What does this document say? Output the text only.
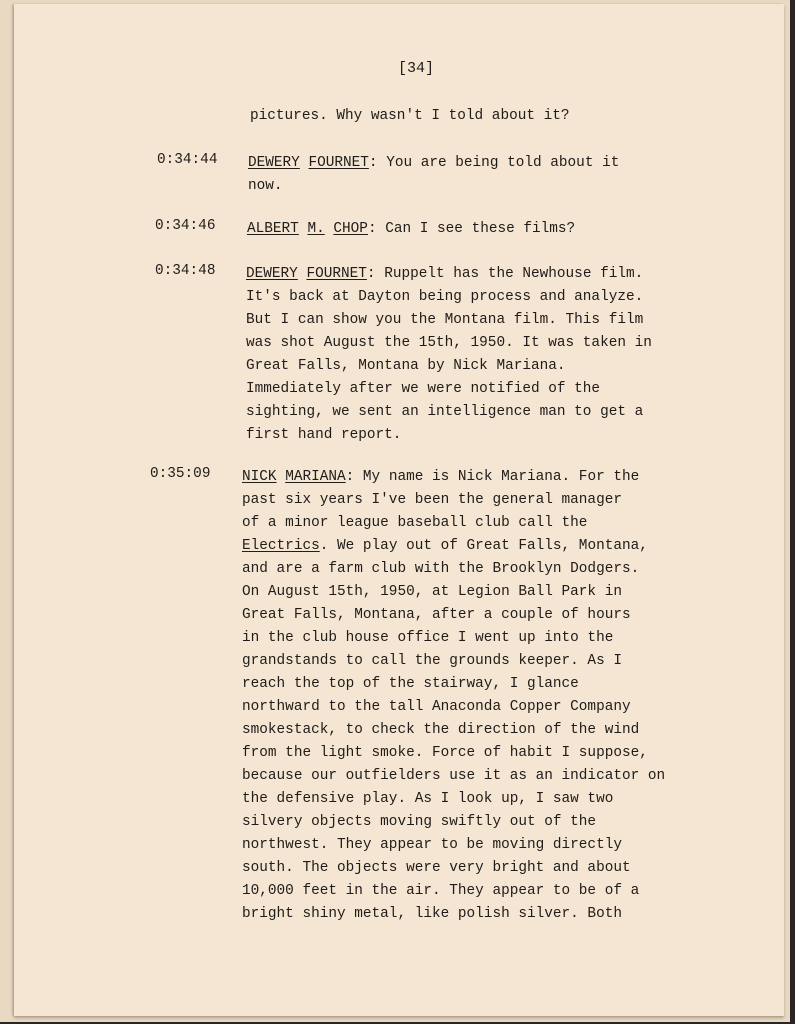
[34]
pictures. Why wasn't I told about it?
0:34:44 DEWERY FOURNET: You are being told about it
now.
0:34:46 ALBERT M. CHOP: Can I see these films?
0:34:48 DEWERY FOURNET: Ruppelt has the Newhouse film.
It's back at Dayton being process and analyze.
But I can show you the Montana film. This film
was shot August the 15th, 1950. It was taken in
Great Falls, Montana by Nick Mariana.
Immediately after we were notified of the
sighting, we sent an intelligence man to get a
first hand report.
0:35:09 NICK MARIANA: My name is Nick Mariana. For the
past six years I've been the general manager
of a minor league baseball club call the
Electrics. We play out of Great Falls, Montana,
and are a farm club with the Brooklyn Dodgers.
On August 15th, 1950, at Legion Ball Park in
Great Falls, Montana, after a couple of hours
in the club house office I went up into the
grandstands to call the grounds keeper. As I
reach the top of the stairway, I glance
northward to the tall Anaconda Copper Company
smokestack, to check the direction of the wind
from the light smoke. Force of habit I suppose,
because our outfielders use it as an indicator on
the defensive play. As I look up, I saw two
silvery objects moving swiftly out of the
northwest. They appear to be moving directly
south. The objects were very bright and about
10,000 feet in the air. They appear to be of a
bright shiny metal, like polish silver. Both
